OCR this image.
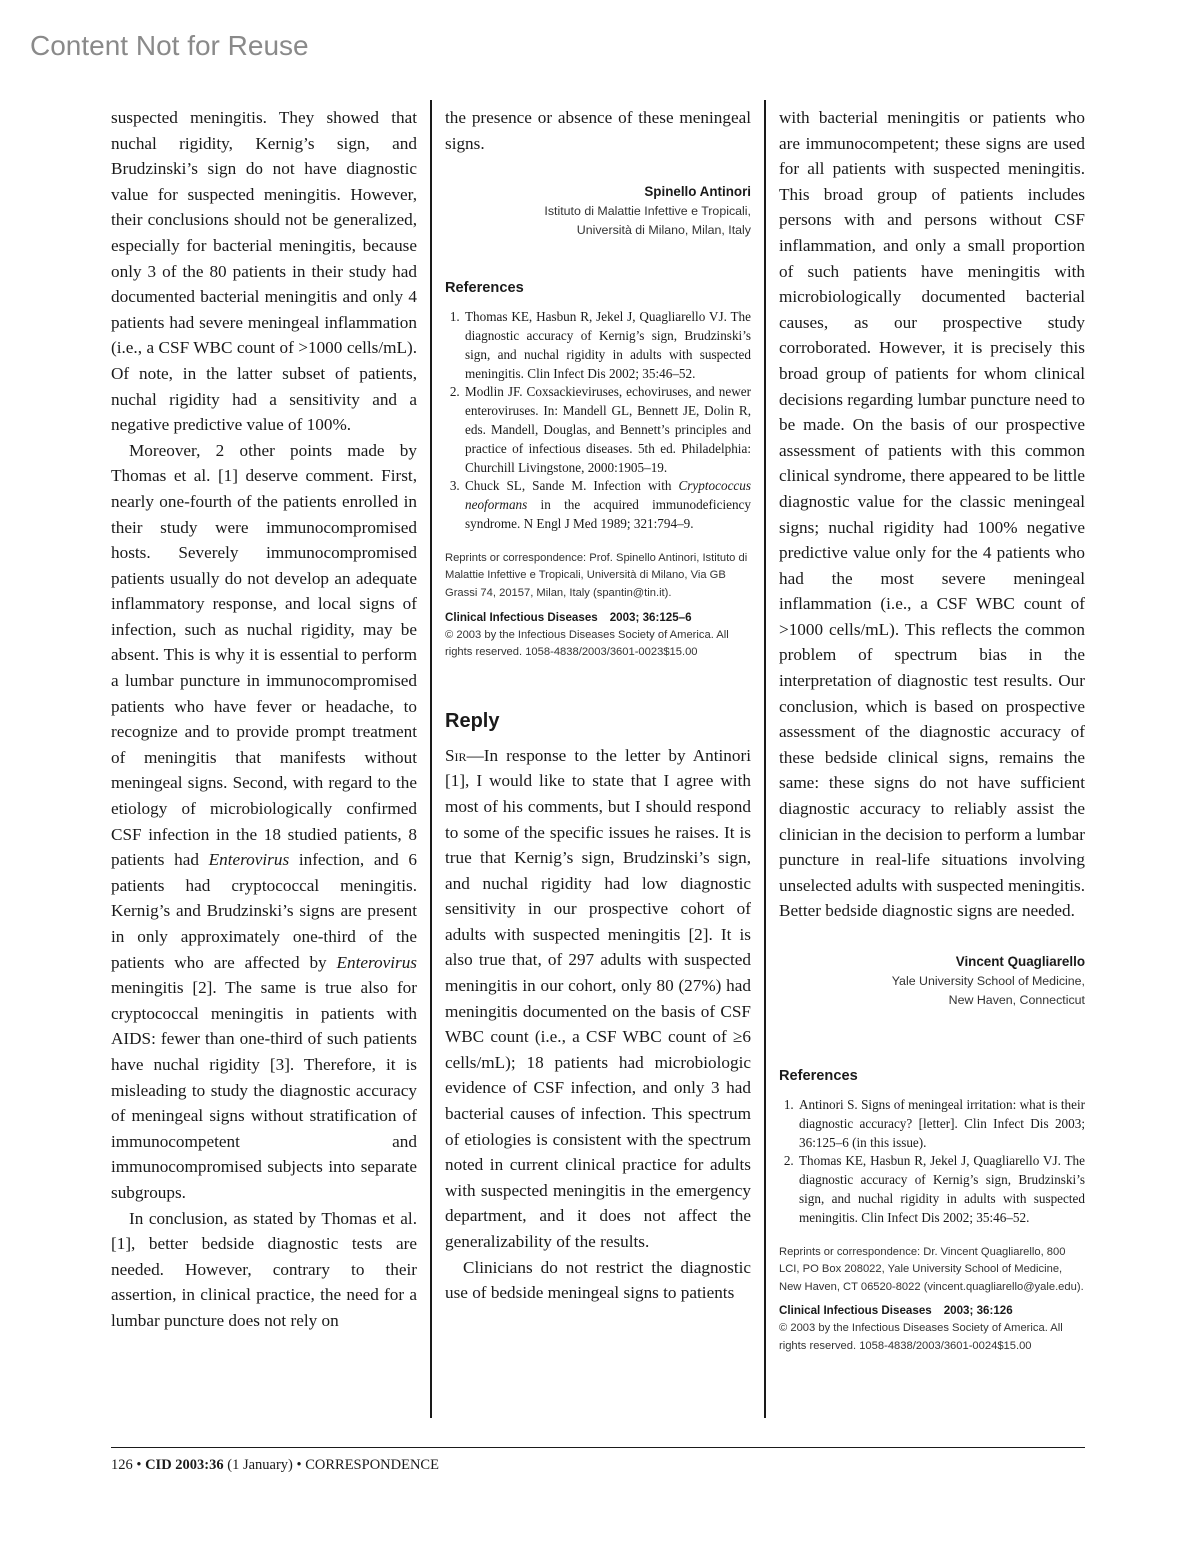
Content Not for Reuse

suspected meningitis. They showed that nuchal rigidity, Kernig’s sign, and Brudzinski’s sign do not have diagnostic value for suspected meningitis. However, their conclusions should not be generalized, especially for bacterial meningitis, because only 3 of the 80 patients in their study had documented bacterial meningitis and only 4 patients had severe meningeal inflammation (i.e., a CSF WBC count of >1000 cells/mL). Of note, in the latter subset of patients, nuchal rigidity had a sensitivity and a negative predictive value of 100%.

Moreover, 2 other points made by Thomas et al. [1] deserve comment. First, nearly one-fourth of the patients enrolled in their study were immunocompromised hosts. Severely immunocompromised patients usually do not develop an adequate inflammatory response, and local signs of infection, such as nuchal rigidity, may be absent. This is why it is essential to perform a lumbar puncture in immunocompromised patients who have fever or headache, to recognize and to provide prompt treatment of meningitis that manifests without meningeal signs. Second, with regard to the etiology of microbiologically confirmed CSF infection in the 18 studied patients, 8 patients had Enterovirus infection, and 6 patients had cryptococcal meningitis. Kernig’s and Brudzinski’s signs are present in only approximately one-third of the patients who are affected by Enterovirus meningitis [2]. The same is true also for cryptococcal meningitis in patients with AIDS: fewer than one-third of such patients have nuchal rigidity [3]. Therefore, it is misleading to study the diagnostic accuracy of meningeal signs without stratification of immunocompetent and immunocompromised subjects into separate subgroups.

In conclusion, as stated by Thomas et al. [1], better bedside diagnostic tests are needed. However, contrary to their assertion, in clinical practice, the need for a lumbar puncture does not rely on

the presence or absence of these meningeal signs.

Spinello Antinori

Istituto di Malattie Infettive e Tropicali,

Università di Milano, Milan, Italy

References

1. Thomas KE, Hasbun R, Jekel J, Quagliarello VJ. The diagnostic accuracy of Kernig’s sign, Brudzinski’s sign, and nuchal rigidity in adults with suspected meningitis. Clin Infect Dis 2002; 35:46–52.
2. Modlin JF. Coxsackieviruses, echoviruses, and newer enteroviruses. In: Mandell GL, Bennett JE, Dolin R, eds. Mandell, Douglas, and Bennett’s principles and practice of infectious diseases. 5th ed. Philadelphia: Churchill Livingstone, 2000:1905–19.
3. Chuck SL, Sande M. Infection with Cryptococcus neoformans in the acquired immunodeficiency syndrome. N Engl J Med 1989; 321:794–9.

Reprints or correspondence: Prof. Spinello Antinori, Istituto di Malattie Infettive e Tropicali, Università di Milano, Via GB Grassi 74, 20157, Milan, Italy (spantin@tin.it).

Clinical Infectious Diseases 2003; 36:125–6

© 2003 by the Infectious Diseases Society of America. All rights reserved. 1058-4838/2003/3601-0023$15.00

Reply

Sir—In response to the letter by Antinori [1], I would like to state that I agree with most of his comments, but I should respond to some of the specific issues he raises. It is true that Kernig’s sign, Brudzinski’s sign, and nuchal rigidity had low diagnostic sensitivity in our prospective cohort of adults with suspected meningitis [2]. It is also true that, of 297 adults with suspected meningitis in our cohort, only 80 (27%) had meningitis documented on the basis of CSF WBC count (i.e., a CSF WBC count of ≥6 cells/mL); 18 patients had microbiologic evidence of CSF infection, and only 3 had bacterial causes of infection. This spectrum of etiologies is consistent with the spectrum noted in current clinical practice for adults with suspected meningitis in the emergency department, and it does not affect the generalizability of the results.

Clinicians do not restrict the diagnostic use of bedside meningeal signs to patients

with bacterial meningitis or patients who are immunocompetent; these signs are used for all patients with suspected meningitis. This broad group of patients includes persons with and persons without CSF inflammation, and only a small proportion of such patients have meningitis with microbiologically documented bacterial causes, as our prospective study corroborated. However, it is precisely this broad group of patients for whom clinical decisions regarding lumbar puncture need to be made. On the basis of our prospective assessment of patients with this common clinical syndrome, there appeared to be little diagnostic value for the classic meningeal signs; nuchal rigidity had 100% negative predictive value only for the 4 patients who had the most severe meningeal inflammation (i.e., a CSF WBC count of >1000 cells/mL). This reflects the common problem of spectrum bias in the interpretation of diagnostic test results. Our conclusion, which is based on prospective assessment of the diagnostic accuracy of these bedside clinical signs, remains the same: these signs do not have sufficient diagnostic accuracy to reliably assist the clinician in the decision to perform a lumbar puncture in real-life situations involving unselected adults with suspected meningitis. Better bedside diagnostic signs are needed.

Vincent Quagliarello

Yale University School of Medicine,

New Haven, Connecticut

References

1. Antinori S. Signs of meningeal irritation: what is their diagnostic accuracy? [letter]. Clin Infect Dis 2003; 36:125–6 (in this issue).
2. Thomas KE, Hasbun R, Jekel J, Quagliarello VJ. The diagnostic accuracy of Kernig’s sign, Brudzinski’s sign, and nuchal rigidity in adults with suspected meningitis. Clin Infect Dis 2002; 35:46–52.

Reprints or correspondence: Dr. Vincent Quagliarello, 800 LCI, PO Box 208022, Yale University School of Medicine, New Haven, CT 06520-8022 (vincent.quagliarello@yale.edu).

Clinical Infectious Diseases 2003; 36:126

© 2003 by the Infectious Diseases Society of America. All rights reserved. 1058-4838/2003/3601-0024$15.00

126 • CID 2003:36 (1 January) • CORRESPONDENCE
